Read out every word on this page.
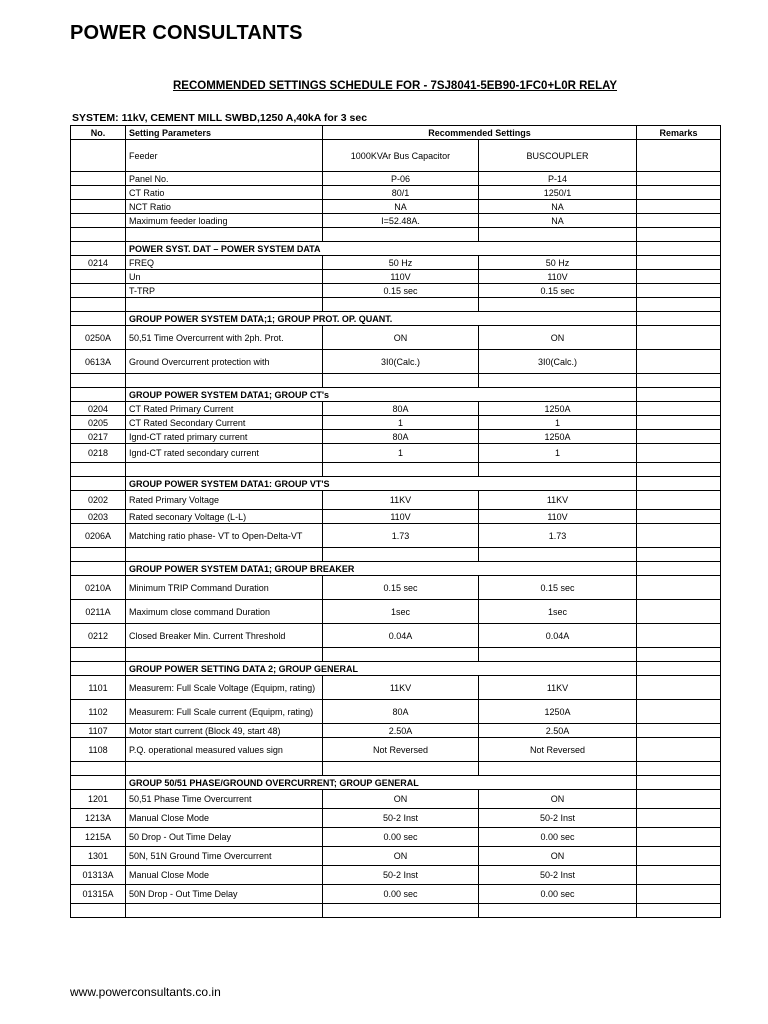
POWER CONSULTANTS
RECOMMENDED SETTINGS SCHEDULE FOR - 7SJ8041-5EB90-1FC0+L0R RELAY
SYSTEM: 11kV, CEMENT MILL SWBD,1250 A,40kA for 3 sec
No.	Setting Parameters	Recommended Settings		Remarks
	Feeder	1000KVAr Bus Capacitor	BUSCOUPLER	
	Panel No.	P-06	P-14	
	CT Ratio	80/1	1250/1	
	NCT Ratio	NA	NA	
	Maximum feeder loading	I=52.48A.	NA	

	POWER SYST. DAT – POWER SYSTEM DATA			
0214	FREQ	50 Hz	50 Hz	
	Un	110V	110V	
	T-TRP	0.15 sec	0.15 sec	

	GROUP POWER SYSTEM DATA;1; GROUP PROT. OP. QUANT.			
0250A	50,51 Time Overcurrent with 2ph. Prot.	ON	ON	
0613A	Ground Overcurrent protection with	3I0(Calc.)	3I0(Calc.)	

	GROUP POWER SYSTEM DATA1; GROUP CT's			
0204	CT Rated Primary Current	80A	1250A	
0205	CT Rated Secondary Current	1	1	
0217	Ignd-CT rated primary current	80A	1250A	
0218	Ignd-CT rated secondary current	1	1	

	GROUP POWER SYSTEM DATA1: GROUP VT'S			
0202	Rated Primary Voltage	11KV	11KV	
0203	Rated seconary Voltage (L-L)	110V	110V	
0206A	Matching ratio phase- VT to Open-Delta-VT	1.73	1.73	

	GROUP POWER SYSTEM DATA1; GROUP BREAKER			
0210A	Minimum TRIP Command Duration	0.15 sec	0.15 sec	
0211A	Maximum close command Duration	1sec	1sec	
0212	Closed Breaker Min. Current Threshold	0.04A	0.04A	

	GROUP POWER SETTING DATA 2; GROUP GENERAL			
1101	Measurem: Full Scale Voltage (Equipm, rating)	11KV	11KV	
1102	Measurem: Full Scale current (Equipm, rating)	80A	1250A	
1107	Motor start current (Block 49, start 48)	2.50A	2.50A	
1108	P.Q. operational measured values sign	Not Reversed	Not Reversed	

	GROUP 50/51 PHASE/GROUND OVERCURRENT; GROUP GENERAL			
1201	50,51 Phase Time Overcurrent	ON	ON	
1213A	Manual Close Mode	50-2 Inst	50-2 Inst	
1215A	50 Drop - Out Time Delay	0.00 sec	0.00 sec	
1301	50N, 51N Ground Time Overcurrent	ON	ON	
01313A	Manual Close Mode	50-2 Inst	50-2 Inst	
01315A	50N Drop - Out Time Delay	0.00 sec	0.00 sec	

www.powerconsultants.co.in
